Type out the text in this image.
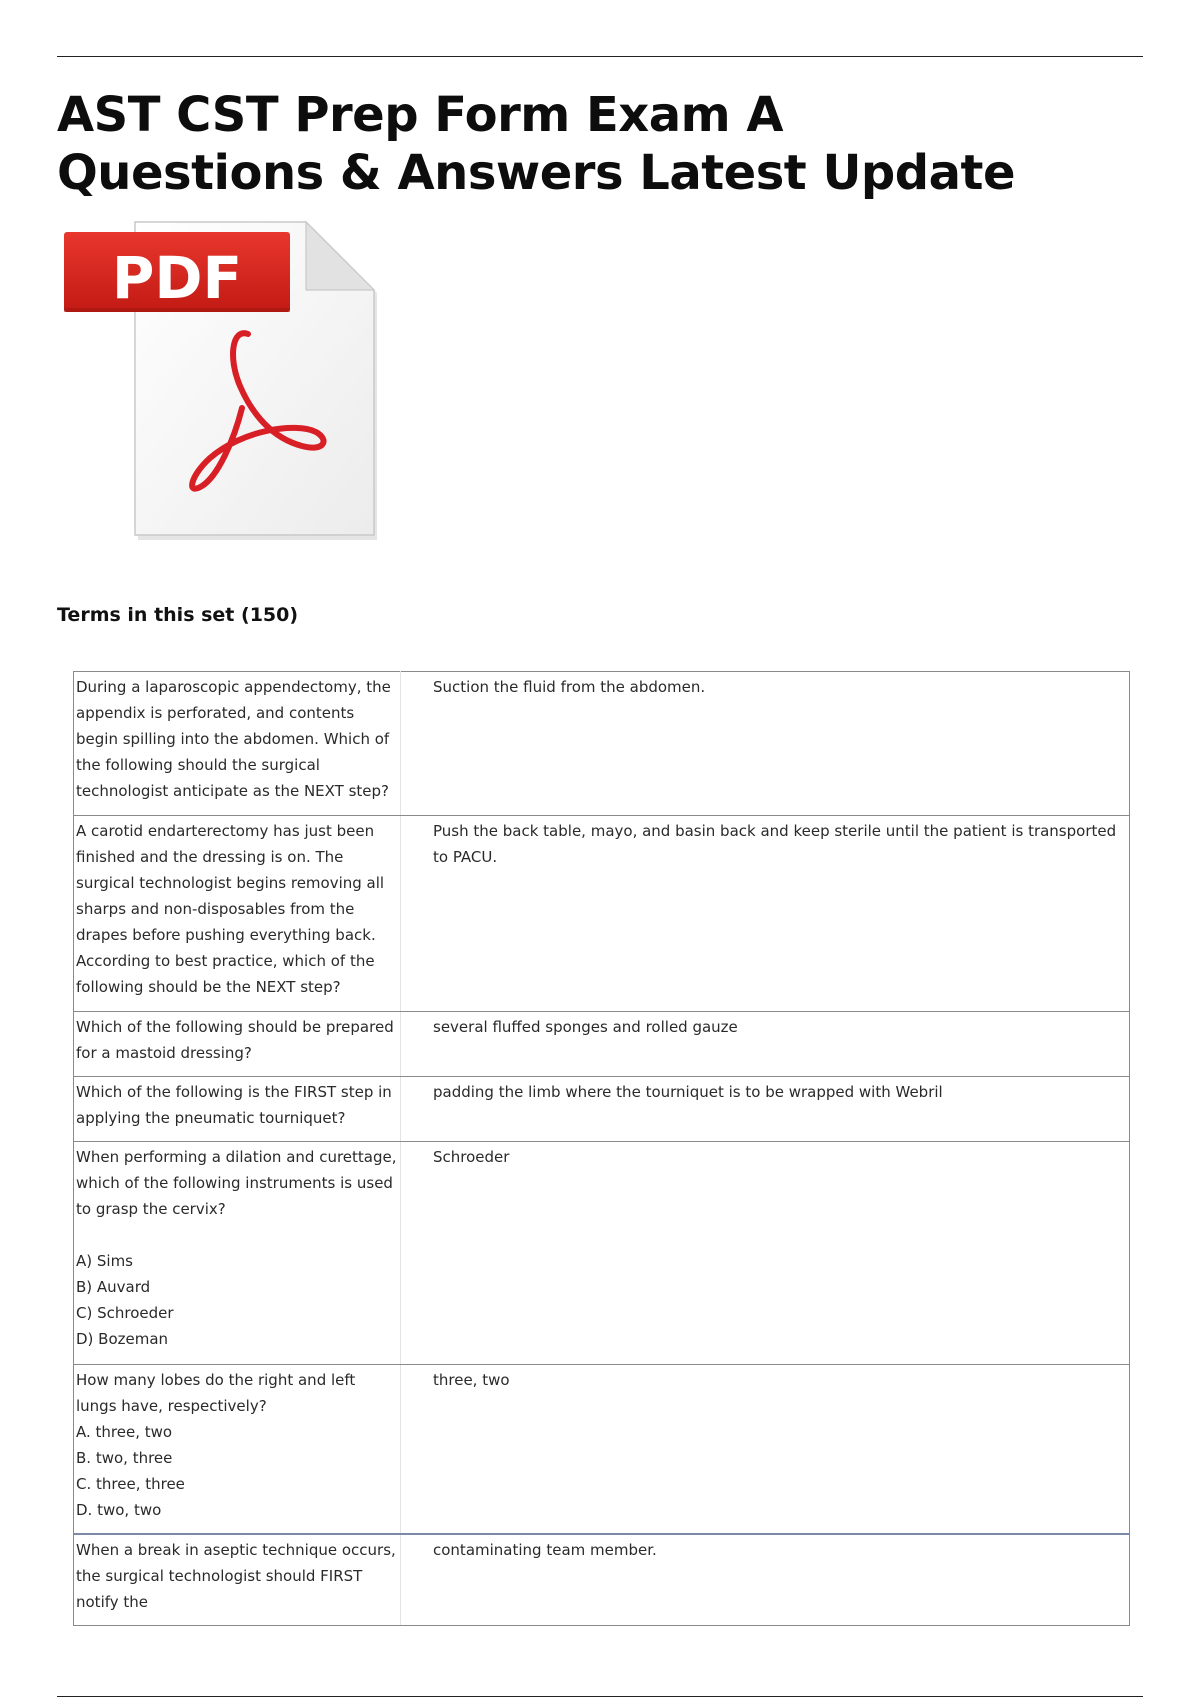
AST CST Prep Form Exam A Questions & Answers Latest Update
PDF

Terms in this set (150)

During a laparoscopic appendectomy, the appendix is perforated, and contents begin spilling into the abdomen. Which of the following should the surgical technologist anticipate as the NEXT step?	Suction the fluid from the abdomen.
A carotid endarterectomy has just been finished and the dressing is on. The surgical technologist begins removing all sharps and non-disposables from the drapes before pushing everything back. According to best practice, which of the following should be the NEXT step?	Push the back table, mayo, and basin back and keep sterile until the patient is transported to PACU.
Which of the following should be prepared for a mastoid dressing?	several fluffed sponges and rolled gauze
Which of the following is the FIRST step in applying the pneumatic tourniquet?	padding the limb where the tourniquet is to be wrapped with Webril
When performing a dilation and curettage, which of the following instruments is used to grasp the cervix?

A) Sims
B) Auvard
C) Schroeder
D) Bozeman	Schroeder
How many lobes do the right and left lungs have, respectively?
A. three, two
B. two, three
C. three, three
D. two, two	three, two
When a break in aseptic technique occurs, the surgical technologist should FIRST notify the	contaminating team member.
